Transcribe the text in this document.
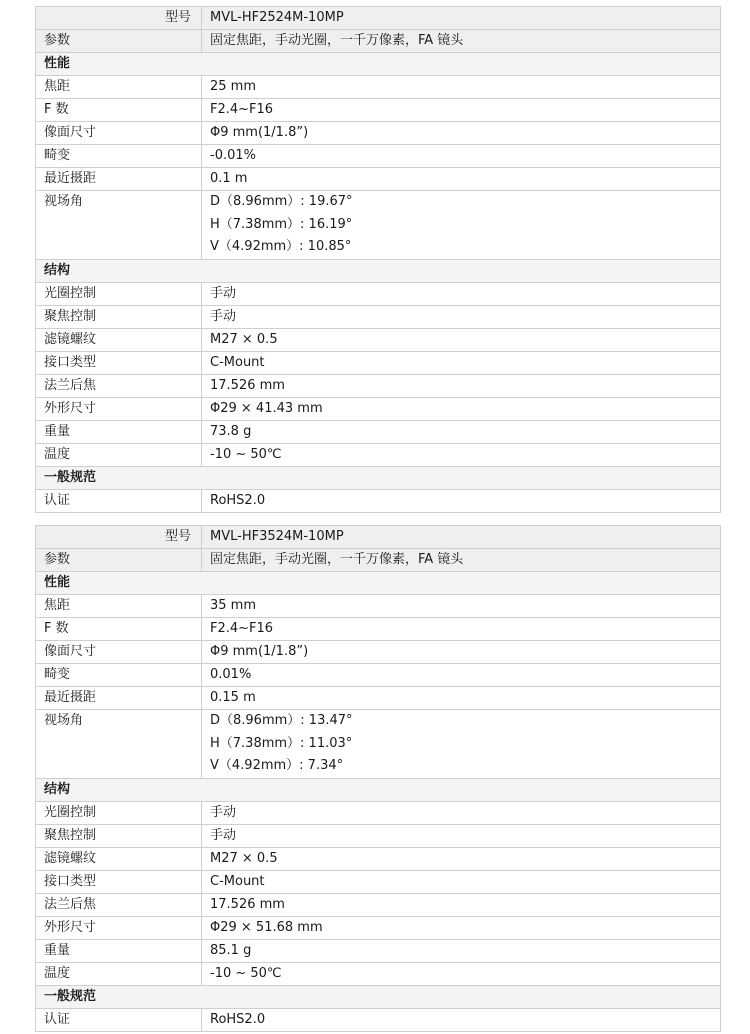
型号	MVL-HF2524M-10MP
参数	固定焦距，手动光圈，一千万像素，FA 镜头
性能	
焦距	25 mm
F 数	F2.4~F16
像面尺寸	Φ9 mm(1/1.8”)
畸变	-0.01%
最近摄距	0.1 m
视场角	D（8.96mm）: 19.67°
H（7.38mm）: 16.19°
V（4.92mm）: 10.85°

结构	
光圈控制	手动
聚焦控制	手动
滤镜螺纹	M27 × 0.5
接口类型	C-Mount
法兰后焦	17.526 mm
外形尺寸	Φ29 × 41.43 mm
重量	73.8 g
温度	-10 ~ 50℃
一般规范	
认证	RoHS2.0
型号	MVL-HF3524M-10MP
参数	固定焦距，手动光圈，一千万像素，FA 镜头
性能	
焦距	35 mm
F 数	F2.4~F16
像面尺寸	Φ9 mm(1/1.8”)
畸变	0.01%
最近摄距	0.15 m
视场角	D（8.96mm）: 13.47°
H（7.38mm）: 11.03°
V（4.92mm）: 7.34°

结构	
光圈控制	手动
聚焦控制	手动
滤镜螺纹	M27 × 0.5
接口类型	C-Mount
法兰后焦	17.526 mm
外形尺寸	Φ29 × 51.68 mm
重量	85.1 g
温度	-10 ~ 50℃
一般规范	
认证	RoHS2.0
